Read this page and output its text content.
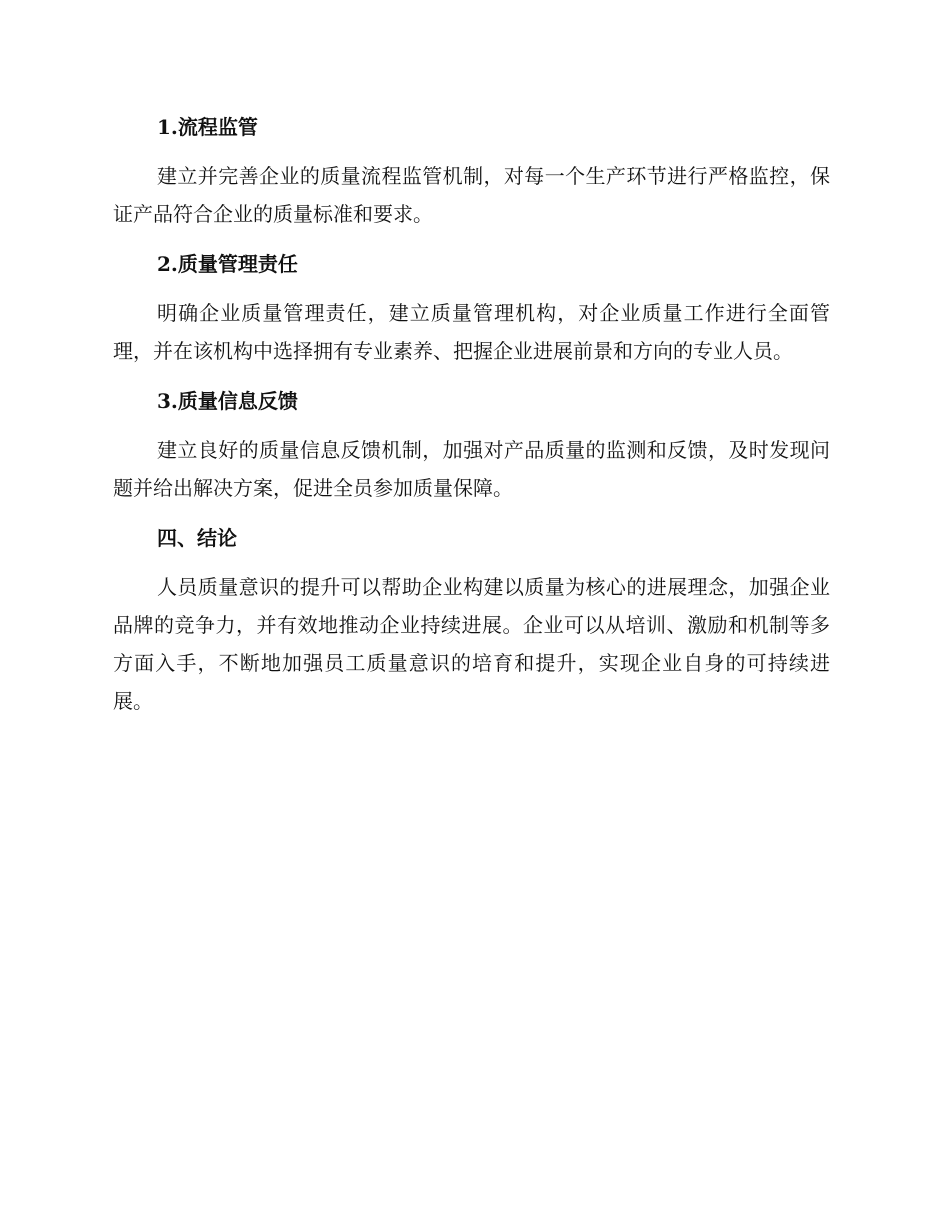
1.流程监管

建立并完善企业的质量流程监管机制，对每一个生产环节进行严格监控，保证产品符合企业的质量标准和要求。

2.质量管理责任

明确企业质量管理责任，建立质量管理机构，对企业质量工作进行全面管理，并在该机构中选择拥有专业素养、把握企业进展前景和方向的专业人员。

3.质量信息反馈

建立良好的质量信息反馈机制，加强对产品质量的监测和反馈，及时发现问题并给出解决方案，促进全员参加质量保障。

四、结论

人员质量意识的提升可以帮助企业构建以质量为核心的进展理念，加强企业品牌的竞争力，并有效地推动企业持续进展。企业可以从培训、激励和机制等多方面入手，不断地加强员工质量意识的培育和提升，实现企业自身的可持续进展。
